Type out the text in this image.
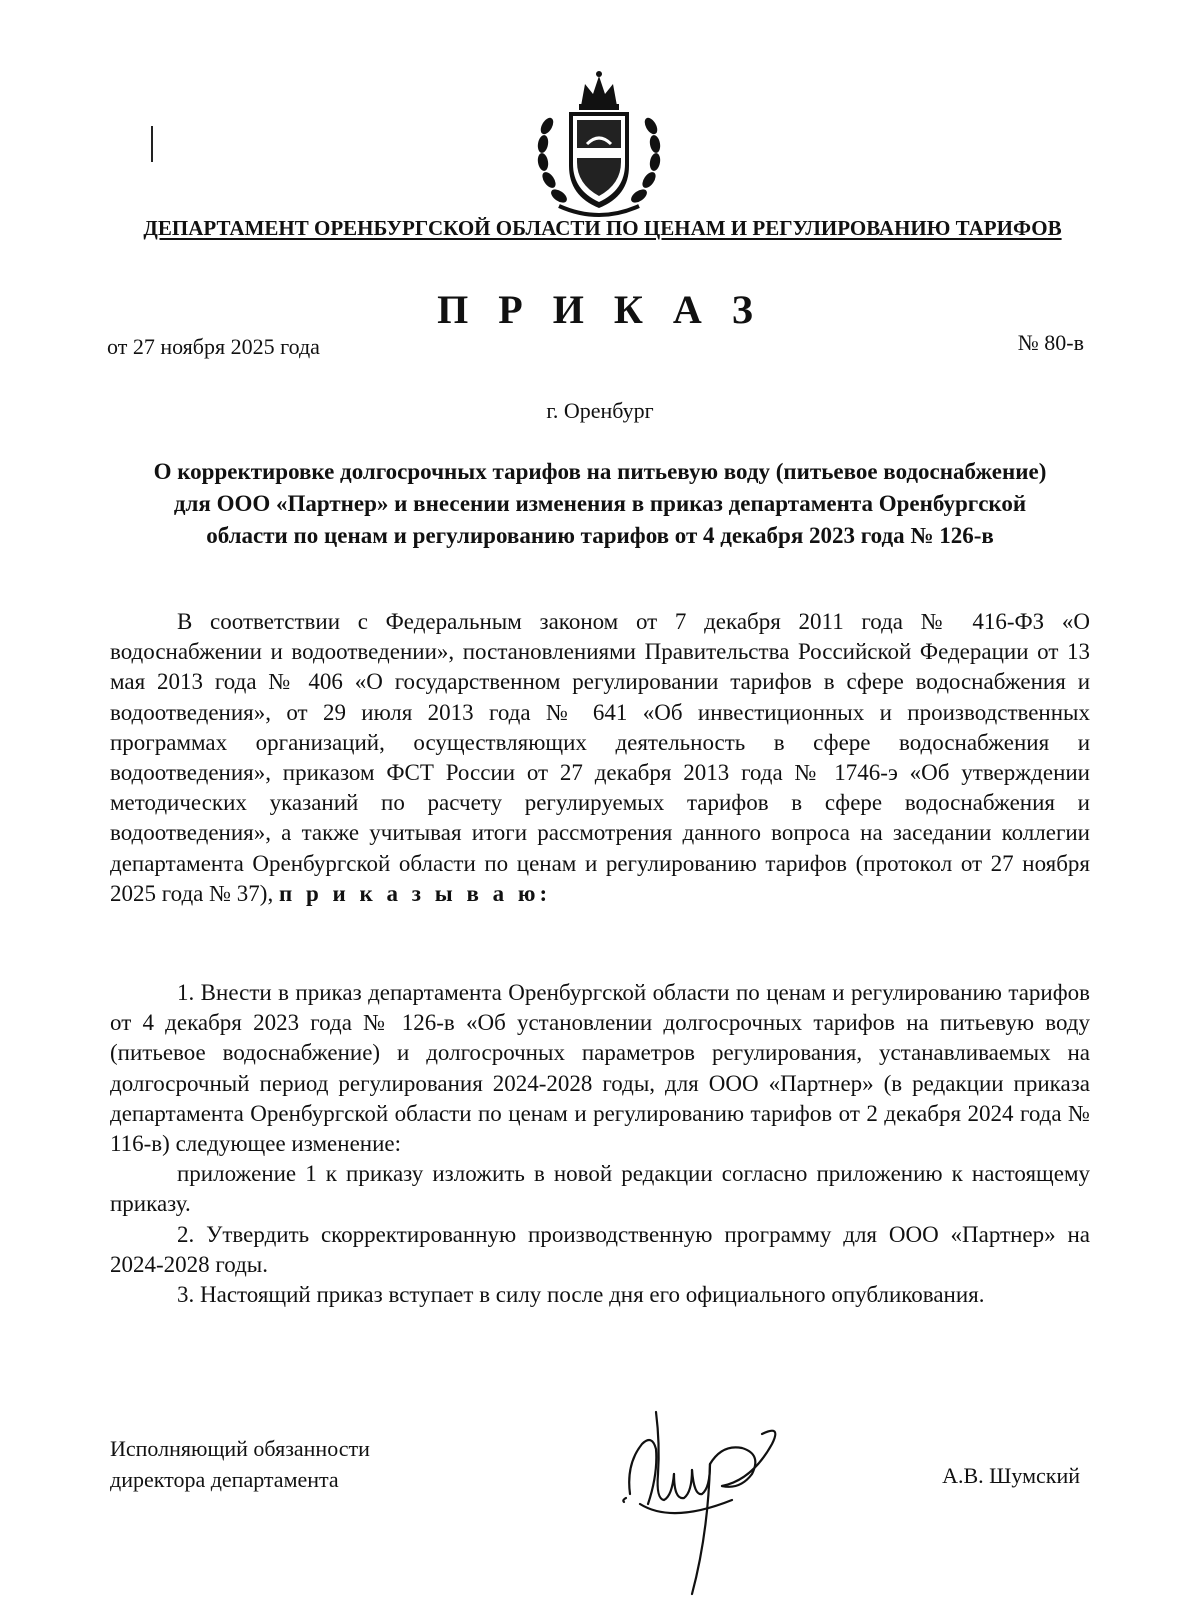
ДЕПАРТАМЕНТ ОРЕНБУРГСКОЙ ОБЛАСТИ ПО ЦЕНАМ И РЕГУЛИРОВАНИЮ ТАРИФОВ
П Р И К А З
от 27 ноября 2025 года	№ 80-в
г. Оренбург
О корректировке долгосрочных тарифов на питьевую воду (питьевое водоснабжение) для ООО «Партнер» и внесении изменения в приказ департамента Оренбургской области по ценам и регулированию тарифов от 4 декабря 2023 года № 126-в

В соответствии с Федеральным законом от 7 декабря 2011 года № 416-ФЗ «О водоснабжении и водоотведении», постановлениями Правительства Российской Федерации от 13 мая 2013 года № 406 «О государственном регулировании тарифов в сфере водоснабжения и водоотведения», от 29 июля 2013 года № 641 «Об инвестиционных и производственных программах организаций, осуществляющих деятельность в сфере водоснабжения и водоотведения», приказом ФСТ России от 27 декабря 2013 года № 1746-э «Об утверждении методических указаний по расчету регулируемых тарифов в сфере водоснабжения и водоотведения», а также учитывая итоги рассмотрения данного вопроса на заседании коллегии департамента Оренбургской области по ценам и регулированию тарифов (протокол от 27 ноября 2025 года № 37), п р и к а з ы в а ю:

1. Внести в приказ департамента Оренбургской области по ценам и регулированию тарифов от 4 декабря 2023 года № 126-в «Об установлении долгосрочных тарифов на питьевую воду (питьевое водоснабжение) и долгосрочных параметров регулирования, устанавливаемых на долгосрочный период регулирования 2024-2028 годы, для ООО «Партнер» (в редакции приказа департамента Оренбургской области по ценам и регулированию тарифов от 2 декабря 2024 года № 116-в) следующее изменение:

приложение 1 к приказу изложить в новой редакции согласно приложению к настоящему приказу.

2. Утвердить скорректированную производственную программу для ООО «Партнер» на 2024-2028 годы.

3. Настоящий приказ вступает в силу после дня его официального опубликования.

Исполняющий обязанности
директора департамента	А.В. Шумский
